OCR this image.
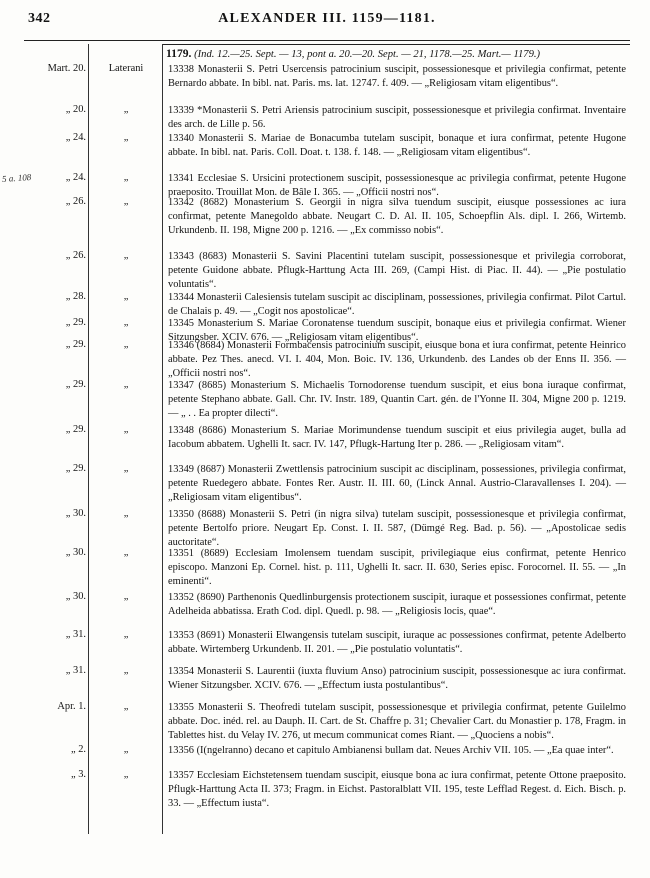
342	ALEXANDER III. 1159—1181.
5 a. 108
1179. (Ind. 12.—25. Sept. — 13, pont a. 20.—20. Sept. — 21, 1178.—25. Mart.— 1179.)
Mart. 20.	Laterani	13338 Monasterii S. Petri Usercensis patrocinium suscipit, possessionesque et privilegia confirmat, petente Bernardo abbate. In bibl. nat. Paris. ms. lat. 12747. f. 409. — „Religiosam vitam eligentibus“.
„ 20.	„	13339 *Monasterii S. Petri Ariensis patrocinium suscipit, possessionesque et privilegia confirmat. Inventaire des arch. de Lille p. 56.
„ 24.	„	13340 Monasterii S. Mariae de Bonacumba tutelam suscipit, bonaque et iura confirmat, petente Hugone abbate. In bibl. nat. Paris. Coll. Doat. t. 138. f. 148. — „Religiosam vitam eligentibus“.
„ 24.	„	13341 Ecclesiae S. Ursicini protectionem suscipit, possessionesque ac privilegia confirmat, petente Hugone praeposito. Trouillat Mon. de Bâle I. 365. — „Officii nostri nos“.
„ 26.	„	13342 (8682) Monasterium S. Georgii in nigra silva tuendum suscipit, eiusque possessiones ac iura confirmat, petente Manegoldo abbate. Neugart C. D. Al. II. 105, Schoepflin Als. dipl. I. 266, Wirtemb. Urkundenb. II. 198, Migne 200 p. 1216. — „Ex commisso nobis“.
„ 26.	„	13343 (8683) Monasterii S. Savini Placentini tutelam suscipit, possessionesque et privilegia corroborat, petente Guidone abbate. Pflugk-Harttung Acta III. 269, (Campi Hist. di Piac. II. 44). — „Pie postulatio voluntatis“.
„ 28.	„	13344 Monasterii Calesiensis tutelam suscipit ac disciplinam, possessiones, privilegia confirmat. Pilot Cartul. de Chalais p. 49. — „Cogit nos apostolicae“.
„ 29.	„	13345 Monasterium S. Mariae Coronatense tuendum suscipit, bonaque eius et privilegia confirmat. Wiener Sitzungsber. XCIV. 676. — „Religiosam vitam eligentibus“.
„ 29.	„	13346 (8684) Monasterii Formbacensis patrocinium suscipit, eiusque bona et iura confirmat, petente Heinrico abbate. Pez Thes. anecd. VI. I. 404, Mon. Boic. IV. 136, Urkundenb. des Landes ob der Enns II. 356. — „Officii nostri nos“.
„ 29.	„	13347 (8685) Monasterium S. Michaelis Tornodorense tuendum suscipit, et eius bona iuraque confirmat, petente Stephano abbate. Gall. Chr. IV. Instr. 189, Quantin Cart. gén. de l'Yonne II. 304, Migne 200 p. 1219. — „ . . Ea propter dilecti“.
„ 29.	„	13348 (8686) Monasterium S. Mariae Morimundense tuendum suscipit et eius privilegia auget, bulla ad Iacobum abbatem. Ughelli It. sacr. IV. 147, Pflugk-Hartung Iter p. 286. — „Religiosam vitam“.
„ 29.	„	13349 (8687) Monasterii Zwettlensis patrocinium suscipit ac disciplinam, possessiones, privilegia confirmat, petente Ruedegero abbate. Fontes Rer. Austr. II. III. 60, (Linck Annal. Austrio-Claravallenses I. 204). — „Religiosam vitam eligentibus“.
„ 30.	„	13350 (8688) Monasterii S. Petri (in nigra silva) tutelam suscipit, possessionesque et privilegia confirmat, petente Bertolfo priore. Neugart Ep. Const. I. II. 587, (Dümgé Reg. Bad. p. 56). — „Apostolicae sedis auctoritate“.
„ 30.	„	13351 (8689) Ecclesiam Imolensem tuendam suscipit, privilegiaque eius confirmat, petente Henrico episcopo. Manzoni Ep. Cornel. hist. p. 111, Ughelli It. sacr. II. 630, Series episc. Forocornel. II. 55. — „In eminenti“.
„ 30.	„	13352 (8690) Parthenonis Quedlinburgensis protectionem suscipit, iuraque et possessiones confirmat, petente Adelheida abbatissa. Erath Cod. dipl. Quedl. p. 98. — „Religiosis locis, quae“.
„ 31.	„	13353 (8691) Monasterii Elwangensis tutelam suscipit, iuraque ac possessiones confirmat, petente Adelberto abbate. Wirtemberg Urkundenb. II. 201. — „Pie postulatio voluntatis“.
„ 31.	„	13354 Monasterii S. Laurentii (iuxta fluvium Anso) patrocinium suscipit, possessionesque ac iura confirmat. Wiener Sitzungsber. XCIV. 676. — „Effectum iusta postulantibus“.
Apr. 1.	„	13355 Monasterii S. Theofredi tutelam suscipit, possessionesque et privilegia confirmat, petente Guilelmo abbate. Doc. inéd. rel. au Dauph. II. Cart. de St. Chaffre p. 31; Chevalier Cart. du Monastier p. 178, Fragm. in Tablettes hist. du Velay IV. 276, ut mecum communicat comes Riant. — „Quociens a nobis“.
„ 2.	„	13356 (I(ngelranno) decano et capitulo Ambianensi bullam dat. Neues Archiv VII. 105. — „Ea quae inter“.
„ 3.	„	13357 Ecclesiam Eichstetensem tuendam suscipit, eiusque bona ac iura confirmat, petente Ottone praeposito. Pflugk-Harttung Acta II. 373; Fragm. in Eichst. Pastoralblatt VII. 195, teste Lefflad Regest. d. Eich. Bisch. p. 33. — „Effectum iusta“.
